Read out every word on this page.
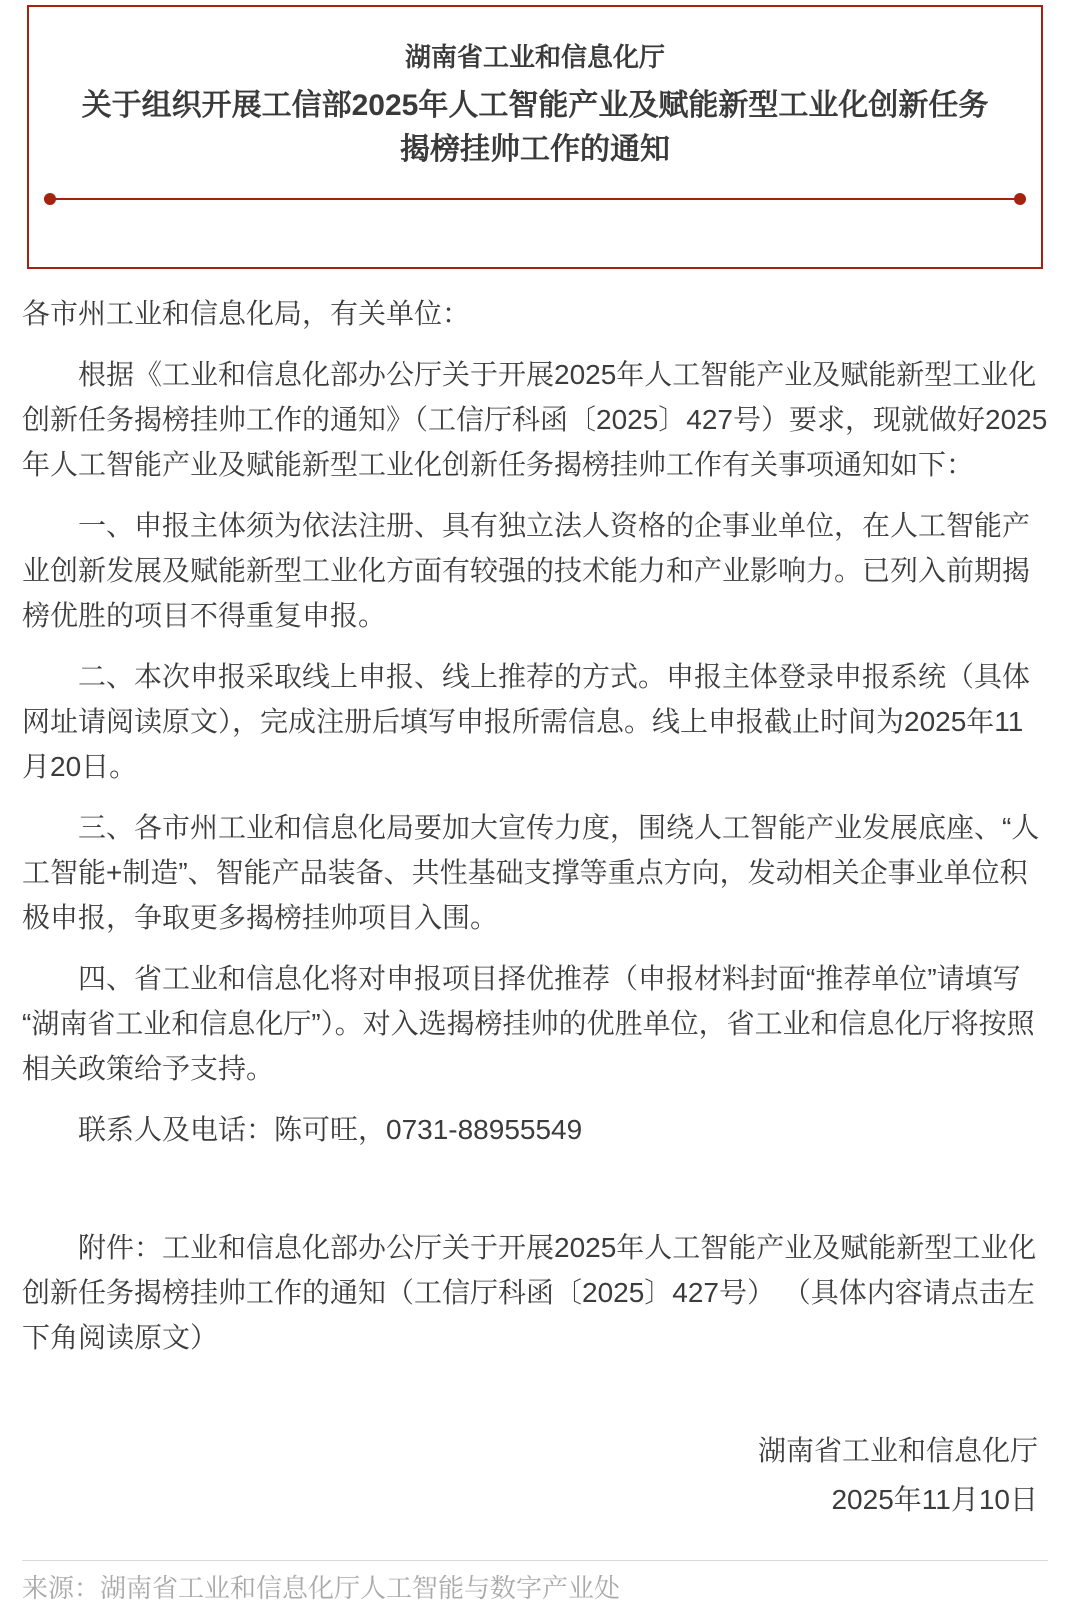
湖南省工业和信息化厅
关于组织开展工信部2025年人工智能产业及赋能新型工业化创新任务揭榜挂帅工作的通知

各市州工业和信息化局，有关单位：

根据《工业和信息化部办公厅关于开展2025年人工智能产业及赋能新型工业化创新任务揭榜挂帅工作的通知》（工信厅科函〔2025〕427号）要求，现就做好2025年人工智能产业及赋能新型工业化创新任务揭榜挂帅工作有关事项通知如下：

一、申报主体须为依法注册、具有独立法人资格的企事业单位，在人工智能产业创新发展及赋能新型工业化方面有较强的技术能力和产业影响力。已列入前期揭榜优胜的项目不得重复申报。

二、本次申报采取线上申报、线上推荐的方式。申报主体登录申报系统（具体网址请阅读原文），完成注册后填写申报所需信息。线上申报截止时间为2025年11月20日。

三、各市州工业和信息化局要加大宣传力度，围绕人工智能产业发展底座、“人工智能+制造”、智能产品装备、共性基础支撑等重点方向，发动相关企事业单位积极申报，争取更多揭榜挂帅项目入围。

四、省工业和信息化将对申报项目择优推荐（申报材料封面“推荐单位”请填写“湖南省工业和信息化厅”）。对入选揭榜挂帅的优胜单位，省工业和信息化厅将按照相关政策给予支持。

联系人及电话：陈可旺，0731-88955549

附件：工业和信息化部办公厅关于开展2025年人工智能产业及赋能新型工业化创新任务揭榜挂帅工作的通知（工信厅科函〔2025〕427号） （具体内容请点击左下角阅读原文）

湖南省工业和信息化厅
2025年11月10日
来源：湖南省工业和信息化厅人工智能与数字产业处
